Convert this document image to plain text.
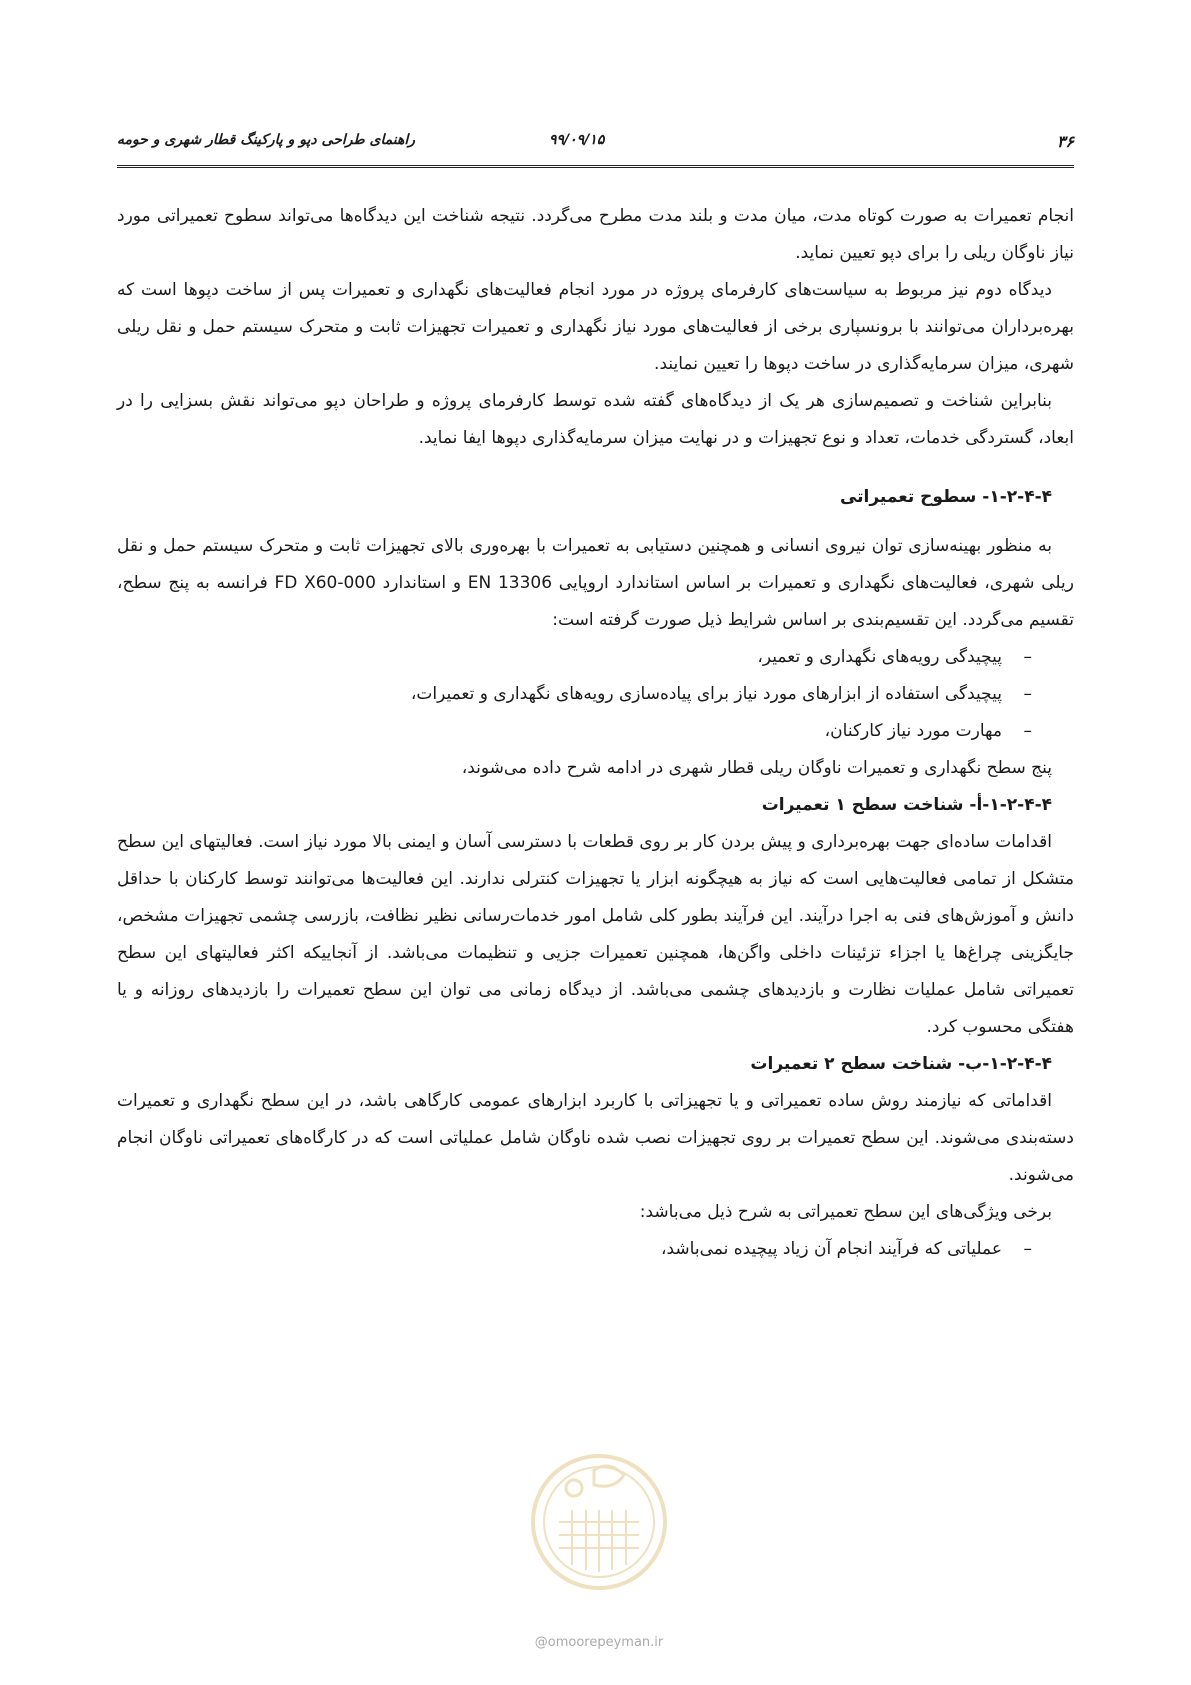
۳۶
۹۹/۰۹/۱۵
راهنمای طراحی دپو و پارکینگ قطار شهری و حومه

انجام تعمیرات به صورت کوتاه مدت، میان مدت و بلند مدت مطرح می‌گردد. نتیجه شناخت این دیدگاه‌ها می‌تواند سطوح تعمیراتی مورد نیاز ناوگان ریلی را برای دپو تعیین نماید.

دیدگاه دوم نیز مربوط به سیاست‌های کارفرمای پروژه در مورد انجام فعالیت‌های نگهداری و تعمیرات پس از ساخت دپوها است که بهره‌برداران می‌توانند با برونسپاری برخی از فعالیت‌های مورد نیاز نگهداری و تعمیرات تجهیزات ثابت و متحرک سیستم حمل و نقل ریلی شهری، میزان سرمایه‌گذاری در ساخت دپوها را تعیین نمایند.

بنابراین شناخت و تصمیم‌سازی هر یک از دیدگاه‌های گفته شده توسط کارفرمای پروژه و طراحان دپو می‌تواند نقش بسزایی را در ابعاد، گستردگی خدمات، تعداد و نوع تجهیزات و در نهایت میزان سرمایه‌گذاری دپوها ایفا نماید.

۱-۲-۴-۴- سطوح تعمیراتی

به منظور بهینه‌سازی توان نیروی انسانی و همچنین دستیابی به تعمیرات با بهره‌وری بالای تجهیزات ثابت و متحرک سیستم حمل و نقل ریلی شهری، فعالیت‌های نگهداری و تعمیرات بر اساس استاندارد اروپایی EN 13306 و استاندارد FD X60-000 فرانسه به پنج سطح، تقسیم می‌گردد. این تقسیم‌بندی بر اساس شرایط ذیل صورت گرفته است:

–
پیچیدگی رویه‌های نگهداری و تعمیر،
–
پیچیدگی استفاده از ابزارهای مورد نیاز برای پیاده‌سازی رویه‌های نگهداری و تعمیرات،
–
مهارت مورد نیاز کارکنان،

پنج سطح نگهداری و تعمیرات ناوگان ریلی قطار شهری در ادامه شرح داده می‌شوند،

۱-۲-۴-۴-أ- شناخت سطح ۱ تعمیرات

اقدامات ساده‌ای جهت بهره‌برداری و پیش بردن کار بر روی قطعات با دسترسی آسان و ایمنی بالا مورد نیاز است. فعالیتهای این سطح متشکل از تمامی فعالیت‌هایی است که نیاز به هیچگونه ابزار یا تجهیزات کنترلی ندارند. این فعالیت‌ها می‌توانند توسط کارکنان با حداقل دانش و آموزش‌های فنی به اجرا درآیند. این فرآیند بطور کلی شامل امور خدمات‌رسانی نظیر نظافت، بازرسی چشمی تجهیزات مشخص، جایگزینی چراغ‌ها یا اجزاء تزئینات داخلی واگن‌ها، همچنین تعمیرات جزیی و تنظیمات می‌باشد. از آنجاییکه اکثر فعالیتهای این سطح تعمیراتی شامل عملیات نظارت و بازدیدهای چشمی می‌باشد. از دیدگاه زمانی می توان این سطح تعمیرات را بازدیدهای روزانه و یا هفتگی محسوب کرد.

۱-۲-۴-۴-ب- شناخت سطح ۲ تعمیرات

اقداماتی که نیازمند روش ساده تعمیراتی و یا تجهیزاتی با کاربرد ابزارهای عمومی کارگاهی باشد، در این سطح نگهداری و تعمیرات دسته‌بندی می‌شوند. این سطح تعمیرات بر روی تجهیزات نصب شده ناوگان شامل عملیاتی است که در کارگاه‌های تعمیراتی ناوگان انجام می‌شوند.

برخی ویژگی‌های این سطح تعمیراتی به شرح ذیل می‌باشد:

–
عملیاتی که فرآیند انجام آن زیاد پیچیده نمی‌باشد،
@omoorepeyman.ir
